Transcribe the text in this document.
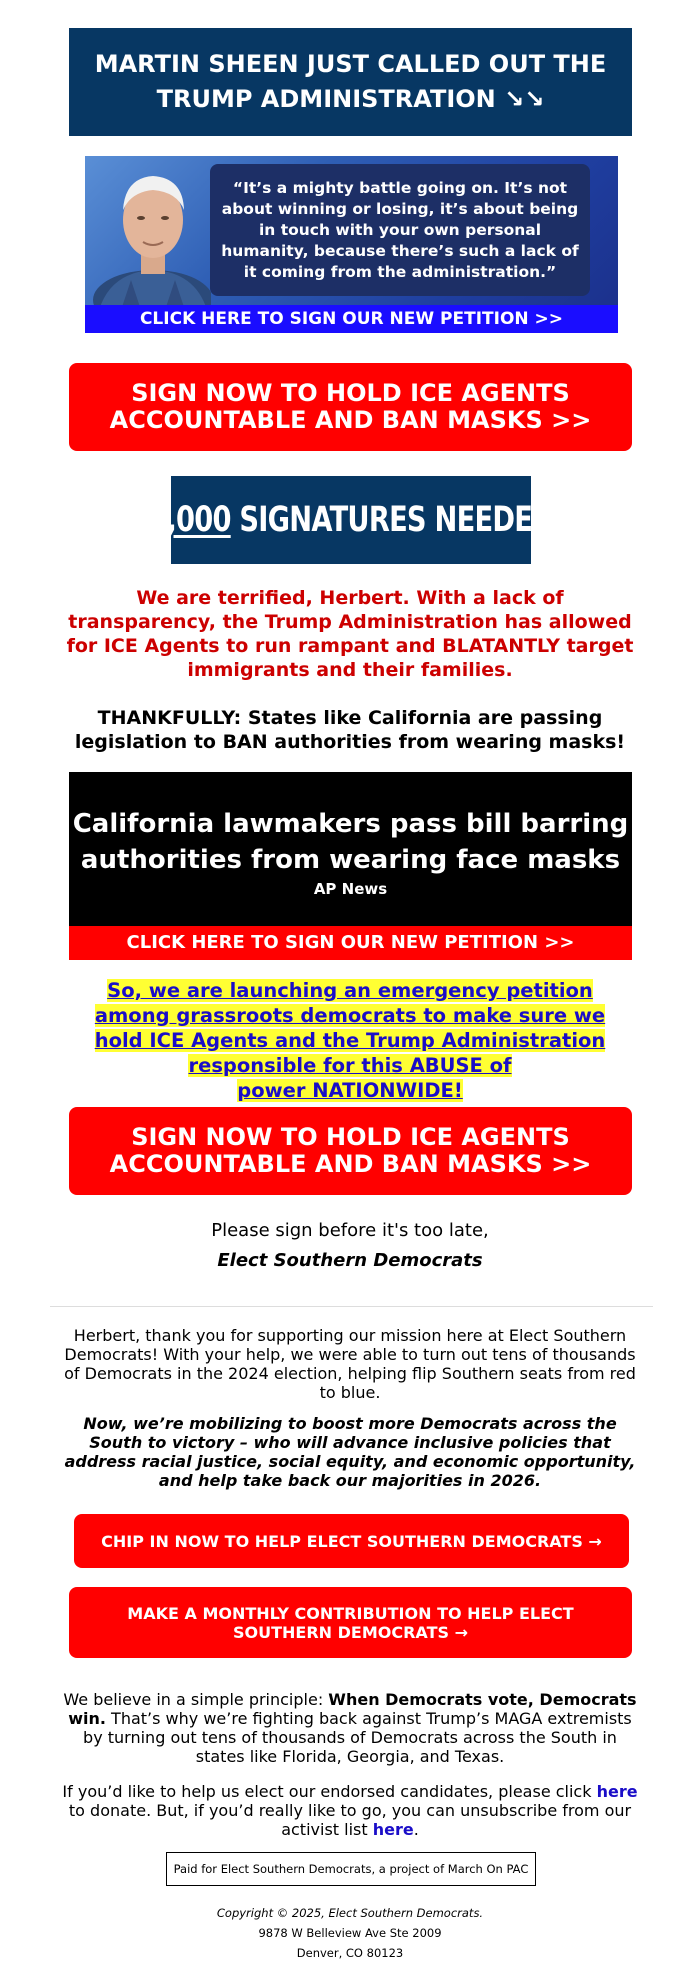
MARTIN SHEEN JUST CALLED OUT THE
TRUMP ADMINISTRATION ↘↘
“It’s a mighty battle going on. It’s not about winning or losing, it’s about being in touch with your own personal humanity, because there’s such a lack of it coming from the administration.”
CLICK HERE TO SIGN OUR NEW PETITION >>
SIGN NOW TO HOLD ICE AGENTS
ACCOUNTABLE AND BAN MASKS >>
1,000 SIGNATURES NEEDED
We are terrified, Herbert. With a lack of transparency, the Trump Administration has allowed for ICE Agents to run rampant and BLATANTLY target immigrants and their families.
THANKFULLY: States like California are passing legislation to BAN authorities from wearing masks!
California lawmakers pass bill barring
authorities from wearing face masks
AP News
CLICK HERE TO SIGN OUR NEW PETITION >>
So, we are launching an emergency petition
among grassroots democrats to make sure we
hold ICE Agents and the Trump Administration
responsible for this ABUSE of
power NATIONWIDE!
SIGN NOW TO HOLD ICE AGENTS
ACCOUNTABLE AND BAN MASKS >>
Please sign before it's too late,
Elect Southern Democrats
Herbert, thank you for supporting our mission here at Elect Southern Democrats! With your help, we were able to turn out tens of thousands of Democrats in the 2024 election, helping flip Southern seats from red to blue.
Now, we’re mobilizing to boost more Democrats across the South to victory – who will advance inclusive policies that address racial justice, social equity, and economic opportunity, and help take back our majorities in 2026.
CHIP IN NOW TO HELP ELECT SOUTHERN DEMOCRATS →
MAKE A MONTHLY CONTRIBUTION TO HELP ELECT
SOUTHERN DEMOCRATS →
We believe in a simple principle: When Democrats vote, Democrats win. That’s why we’re fighting back against Trump’s MAGA extremists by turning out tens of thousands of Democrats across the South in states like Florida, Georgia, and Texas.
If you’d like to help us elect our endorsed candidates, please click here to donate. But, if you’d really like to go, you can unsubscribe from our activist list here.
Paid for Elect Southern Democrats, a project of March On PAC
Copyright © 2025, Elect Southern Democrats.
9878 W Belleview Ave Ste 2009
Denver, CO 80123
